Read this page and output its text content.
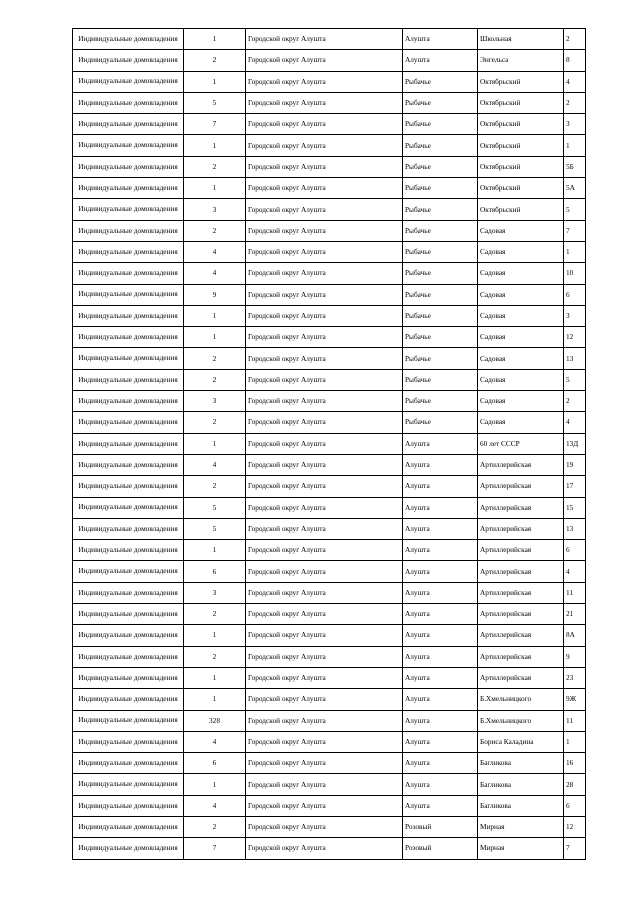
Индивидуальные домовладения	1	Городской округ Алушта	Алушта	Школьная	2
Индивидуальные домовладения	2	Городской округ Алушта	Алушта	Энгельса	8
Индивидуальные домовладения	1	Городской округ Алушта	Рыбачье	Октябрьский	4
Индивидуальные домовладения	5	Городской округ Алушта	Рыбачье	Октябрьский	2
Индивидуальные домовладения	7	Городской округ Алушта	Рыбачье	Октябрьский	3
Индивидуальные домовладения	1	Городской округ Алушта	Рыбачье	Октябрьский	1
Индивидуальные домовладения	2	Городской округ Алушта	Рыбачье	Октябрьский	5Б
Индивидуальные домовладения	1	Городской округ Алушта	Рыбачье	Октябрьский	5А
Индивидуальные домовладения	3	Городской округ Алушта	Рыбачье	Октябрьский	5
Индивидуальные домовладения	2	Городской округ Алушта	Рыбачье	Садовая	7
Индивидуальные домовладения	4	Городской округ Алушта	Рыбачье	Садовая	1
Индивидуальные домовладения	4	Городской округ Алушта	Рыбачье	Садовая	10
Индивидуальные домовладения	9	Городской округ Алушта	Рыбачье	Садовая	6
Индивидуальные домовладения	1	Городской округ Алушта	Рыбачье	Садовая	3
Индивидуальные домовладения	1	Городской округ Алушта	Рыбачье	Садовая	12
Индивидуальные домовладения	2	Городской округ Алушта	Рыбачье	Садовая	13
Индивидуальные домовладения	2	Городской округ Алушта	Рыбачье	Садовая	5
Индивидуальные домовладения	3	Городской округ Алушта	Рыбачье	Садовая	2
Индивидуальные домовладения	2	Городской округ Алушта	Рыбачье	Садовая	4
Индивидуальные домовладения	1	Городской округ Алушта	Алушта	60 лет СССР	13Д
Индивидуальные домовладения	4	Городской округ Алушта	Алушта	Артиллерийская	19
Индивидуальные домовладения	2	Городской округ Алушта	Алушта	Артиллерийская	17
Индивидуальные домовладения	5	Городской округ Алушта	Алушта	Артиллерийская	15
Индивидуальные домовладения	5	Городской округ Алушта	Алушта	Артиллерийская	13
Индивидуальные домовладения	1	Городской округ Алушта	Алушта	Артиллерийская	6
Индивидуальные домовладения	6	Городской округ Алушта	Алушта	Артиллерийская	4
Индивидуальные домовладения	3	Городской округ Алушта	Алушта	Артиллерийская	11
Индивидуальные домовладения	2	Городской округ Алушта	Алушта	Артиллерийская	21
Индивидуальные домовладения	1	Городской округ Алушта	Алушта	Артиллерийская	8А
Индивидуальные домовладения	2	Городской округ Алушта	Алушта	Артиллерийская	9
Индивидуальные домовладения	1	Городской округ Алушта	Алушта	Артиллерийская	23
Индивидуальные домовладения	1	Городской округ Алушта	Алушта	Б.Хмельницкого	9Ж
Индивидуальные домовладения	328	Городской округ Алушта	Алушта	Б.Хмельницкого	11
Индивидуальные домовладения	4	Городской округ Алушта	Алушта	Бориса Каладина	1
Индивидуальные домовладения	6	Городской округ Алушта	Алушта	Багликова	16
Индивидуальные домовладения	1	Городской округ Алушта	Алушта	Багликова	28
Индивидуальные домовладения	4	Городской округ Алушта	Алушта	Багликова	6
Индивидуальные домовладения	2	Городской округ Алушта	Розовый	Мирная	12
Индивидуальные домовладения	7	Городской округ Алушта	Розовый	Мирная	7
